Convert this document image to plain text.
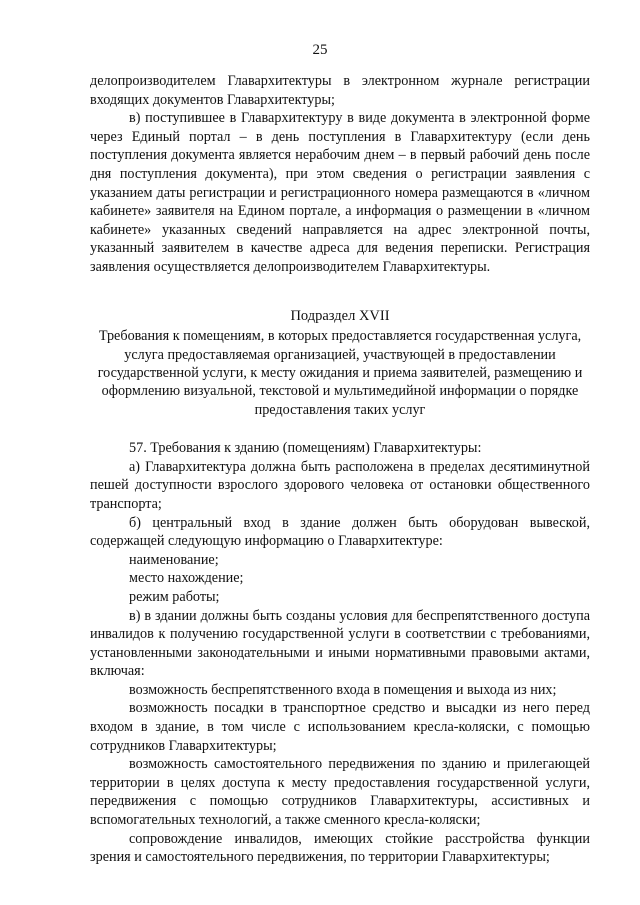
25

делопроизводителем Главархитектуры в электронном журнале регистрации входящих документов Главархитектуры;

в) поступившее в Главархитектуру в виде документа в электронной форме через Единый портал – в день поступления в Главархитектуру (если день поступления документа является нерабочим днем – в первый рабочий день после дня поступления документа), при этом сведения о регистрации заявления с указанием даты регистрации и регистрационного номера размещаются в «личном кабинете» заявителя на Едином портале, а информация о размещении в «личном кабинете» указанных сведений направляется на адрес электронной почты, указанный заявителем в качестве адреса для ведения переписки. Регистрация заявления осуществляется делопроизводителем Главархитектуры.

Подраздел XVII
Требования к помещениям, в которых предоставляется государственная услуга, услуга предоставляемая организацией, участвующей в предоставлении государственной услуги, к месту ожидания и приема заявителей, размещению и оформлению визуальной, текстовой и мультимедийной информации о порядке предоставления таких услуг

57. Требования к зданию (помещениям) Главархитектуры:

а) Главархитектура должна быть расположена в пределах десятиминутной пешей доступности взрослого здорового человека от остановки общественного транспорта;

б) центральный вход в здание должен быть оборудован вывеской, содержащей следующую информацию о Главархитектуре:

наименование;

место нахождение;

режим работы;

в) в здании должны быть созданы условия для беспрепятственного доступа инвалидов к получению государственной услуги в соответствии с требованиями, установленными законодательными и иными нормативными правовыми актами, включая:

возможность беспрепятственного входа в помещения и выхода из них;

возможность посадки в транспортное средство и высадки из него перед входом в здание, в том числе с использованием кресла-коляски, с помощью сотрудников Главархитектуры;

возможность самостоятельного передвижения по зданию и прилегающей территории в целях доступа к месту предоставления государственной услуги, передвижения с помощью сотрудников Главархитектуры, ассистивных и вспомогательных технологий, а также сменного кресла-коляски;

сопровождение инвалидов, имеющих стойкие расстройства функции зрения и самостоятельного передвижения, по территории Главархитектуры;
